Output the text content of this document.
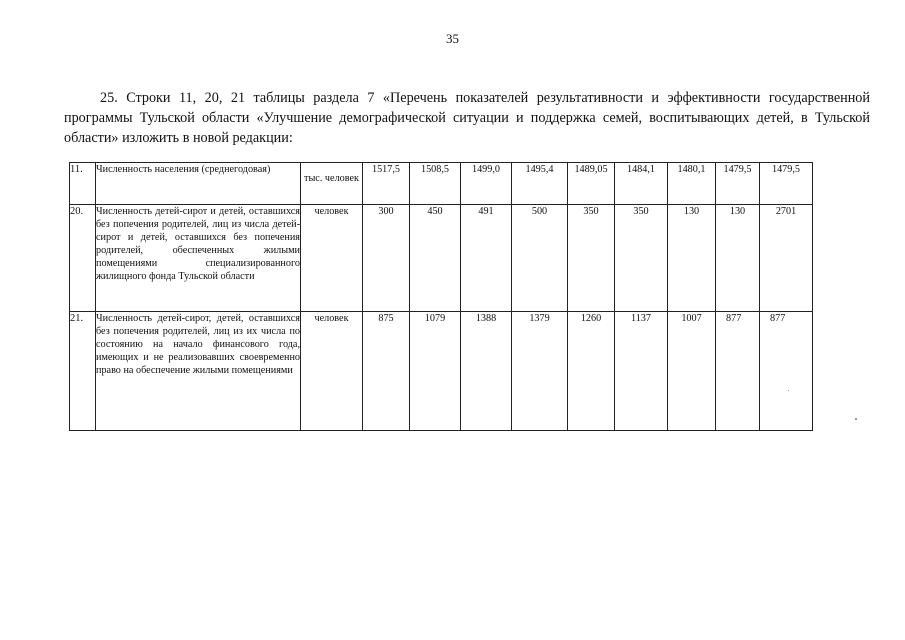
35
25. Строки 11, 20, 21 таблицы раздела 7 «Перечень показателей результативности и эффективности государственной программы Тульской области «Улучшение демографической ситуации и поддержка семей, воспитывающих детей, в Тульской области» изложить в новой редакции:
11.	Численность населения (среднегодовая)	тыс. человек	1517,5	1508,5	1499,0	1495,4	1489,05	1484,1	1480,1	1479,5	1479,5
20.	Численность детей-сирот и детей, оставшихся без попечения родителей, лиц из числа детей-сирот и детей, оставшихся без попечения родителей, обеспеченных жилыми помещениями специализированного жилищного фонда Тульской области	человек	300	450	491	500	350	350	130	130	2701
21.	Численность детей-сирот, детей, оставшихся без попечения родителей, лиц из их числа по состоянию на начало финансового года, имеющих и не реализовавших своевременно право на обеспечение жилыми помещениями	человек	875	1079	1388	1379	1260	1137	1007	877	877
